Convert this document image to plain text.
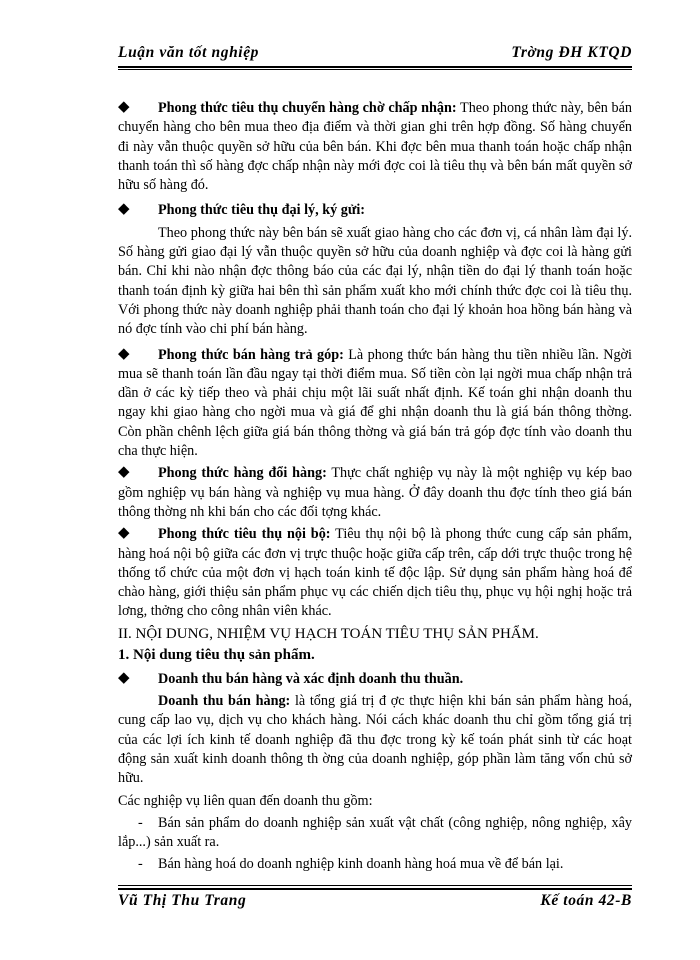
Luận văn tốt nghiệp	Trờng ĐH KTQD

◆ Phong thức tiêu thụ chuyển hàng chờ chấp nhận: Theo phong thức này, bên bán chuyển hàng cho bên mua theo địa điểm và thời gian ghi trên hợp đồng. Số hàng chuyển đi này vẫn thuộc quyền sở hữu của bên bán. Khi đợc bên mua thanh toán hoặc chấp nhận thanh toán thì số hàng đợc chấp nhận này mới đợc coi là tiêu thụ và bên bán mất quyền sở hữu số hàng đó.

◆ Phong thức tiêu thụ đại lý, ký gửi:

Theo phong thức này bên bán sẽ xuất giao hàng cho các đơn vị, cá nhân làm đại lý. Số hàng gửi giao đại lý vẫn thuộc quyền sở hữu của doanh nghiệp và đợc coi là hàng gửi bán. Chỉ khi nào nhận đợc thông báo của các đại lý, nhận tiền do đại lý thanh toán hoặc thanh toán định kỳ giữa hai bên thì sản phẩm xuất kho mới chính thức đợc coi là tiêu thụ. Với phong thức này doanh nghiệp phải thanh toán cho đại lý khoản hoa hồng bán hàng và nó đợc tính vào chi phí bán hàng.

◆ Phong thức bán hàng trả góp: Là phong thức bán hàng thu tiền nhiều lần. Ngời mua sẽ thanh toán lần đầu ngay tại thời điểm mua. Số tiền còn lại ngời mua chấp nhận trả dần ở các kỳ tiếp theo và phải chịu một lãi suất nhất định. Kế toán ghi nhận doanh thu ngay khi giao hàng cho ngời mua và giá để ghi nhận doanh thu là giá bán thông thờng. Còn phần chênh lệch giữa giá bán thông thờng và giá bán trả góp đợc tính vào doanh thu cha thực hiện.

◆ Phong thức hàng đổi hàng: Thực chất nghiệp vụ này là một nghiệp vụ kép bao gồm nghiệp vụ bán hàng và nghiệp vụ mua hàng. Ở đây doanh thu đợc tính theo giá bán thông thờng nh khi bán cho các đối tợng khác.

◆ Phong thức tiêu thụ nội bộ: Tiêu thụ nội bộ là phong thức cung cấp sản phẩm, hàng hoá nội bộ giữa các đơn vị trực thuộc hoặc giữa cấp trên, cấp dới trực thuộc trong hệ thống tổ chức của một đơn vị hạch toán kinh tế độc lập. Sử dụng sản phẩm hàng hoá để chào hàng, giới thiệu sản phẩm phục vụ các chiến dịch tiêu thụ, phục vụ hội nghị hoặc trả lơng, thởng cho công nhân viên khác.

II. NỘI DUNG, NHIỆM VỤ HẠCH TOÁN TIÊU THỤ SẢN PHẨM.

1. Nội dung tiêu thụ sản phẩm.

◆ Doanh thu bán hàng và xác định doanh thu thuần.

Doanh thu bán hàng: là tổng giá trị đ ợc thực hiện khi bán sản phẩm hàng hoá, cung cấp lao vụ, dịch vụ cho khách hàng. Nói cách khác doanh thu chỉ gồm tổng giá trị của các lợi ích kinh tế doanh nghiệp đã thu đợc trong kỳ kế toán phát sinh từ các hoạt động sản xuất kinh doanh thông th ờng của doanh nghiệp, góp phần làm tăng vốn chủ sở hữu.

Các nghiệp vụ liên quan đến doanh thu gồm:

- Bán sản phẩm do doanh nghiệp sản xuất vật chất (công nghiệp, nông nghiệp, xây lắp...) sản xuất ra.

- Bán hàng hoá do doanh nghiệp kinh doanh hàng hoá mua về để bán lại.

Vũ Thị Thu Trang	Kế toán 42-B
